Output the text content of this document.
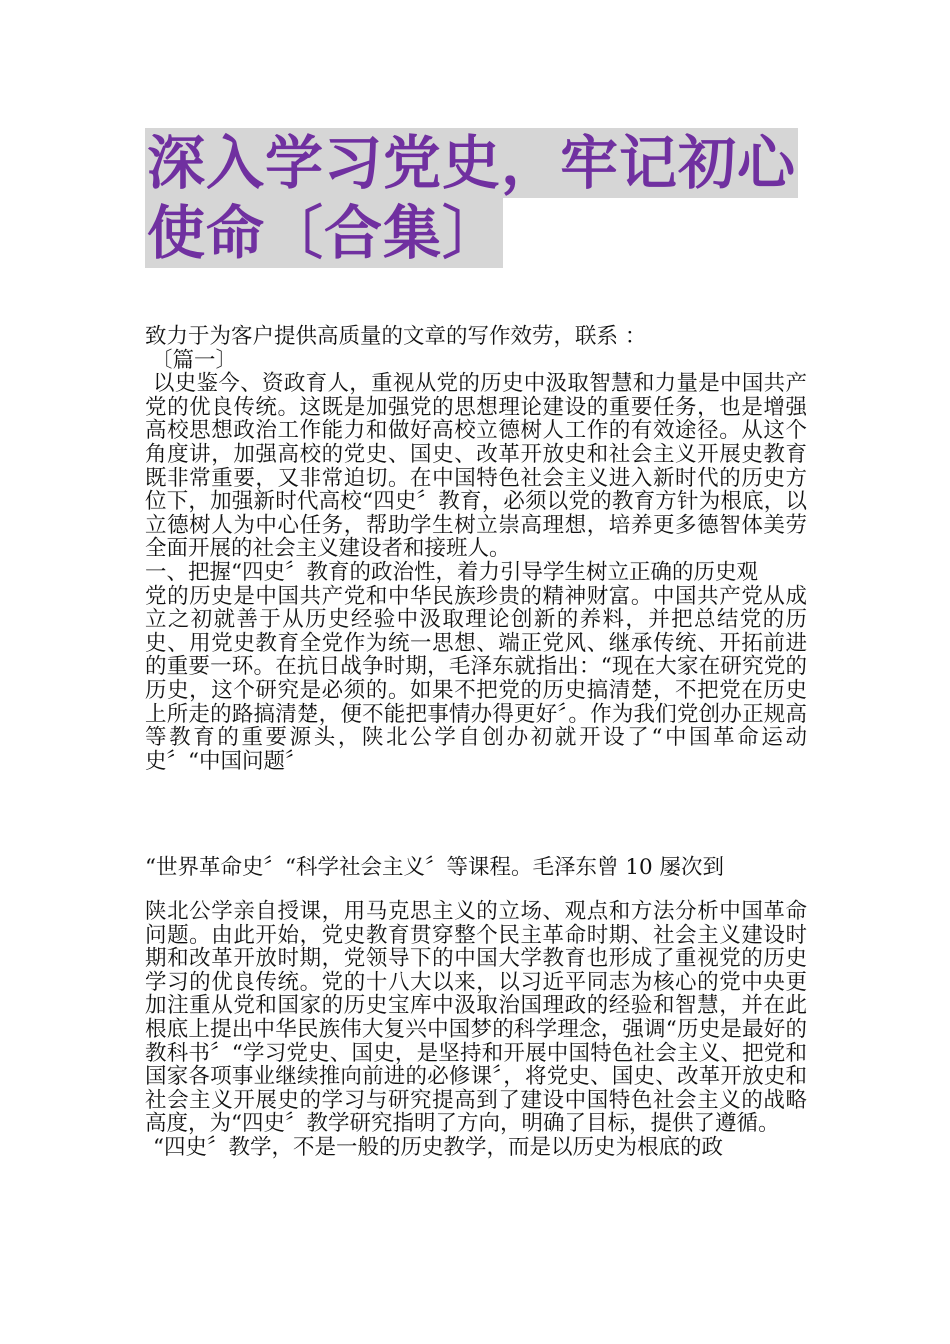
深入学习党史，牢记初心
使命〔合集〕

致力于为客户提供高质量的文章的写作效劳，联系 ：

〔篇一〕

以史鉴今、资政育人，重视从党的历史中汲取智慧和力量是中国共产党的优良传统。这既是加强党的思想理论建设的重要任务，也是增强高校思想政治工作能力和做好高校立德树人工作的有效途径。从这个角度讲，加强高校的党史、国史、改革开放史和社会主义开展史教育既非常重要，又非常迫切。在中国特色社会主义进入新时代的历史方位下，加强新时代高校“四史〞教育，必须以党的教育方针为根底，以立德树人为中心任务，帮助学生树立崇高理想，培养更多德智体美劳全面开展的社会主义建设者和接班人。

一、把握“四史〞教育的政治性，着力引导学生树立正确的历史观

党的历史是中国共产党和中华民族珍贵的精神财富。中国共产党从成立之初就善于从历史经验中汲取理论创新的养料，并把总结党的历史、用党史教育全党作为统一思想、端正党风、继承传统、开拓前进的重要一环。在抗日战争时期，毛泽东就指出：“现在大家在研究党的历史，这个研究是必须的。如果不把党的历史搞清楚，不把党在历史上所走的路搞清楚，便不能把事情办得更好〞。作为我们党创办正规高等教育的重要源头，陕北公学自创办初就开设了“中国革命运动史〞“中国问题〞

“世界革命史〞“科学社会主义〞等课程。毛泽东曾 10 屡次到

陕北公学亲自授课，用马克思主义的立场、观点和方法分析中国革命问题。由此开始，党史教育贯穿整个民主革命时期、社会主义建设时期和改革开放时期，党领导下的中国大学教育也形成了重视党的历史学习的优良传统。党的十八大以来，以习近平同志为核心的党中央更加注重从党和国家的历史宝库中汲取治国理政的经验和智慧，并在此根底上提出中华民族伟大复兴中国梦的科学理念，强调“历史是最好的教科书〞“学习党史、国史，是坚持和开展中国特色社会主义、把党和国家各项事业继续推向前进的必修课〞，将党史、国史、改革开放史和社会主义开展史的学习与研究提高到了建设中国特色社会主义的战略高度，为“四史〞教学研究指明了方向，明确了目标，提供了遵循。

“四史〞教学，不是一般的历史教学，而是以历史为根底的政
